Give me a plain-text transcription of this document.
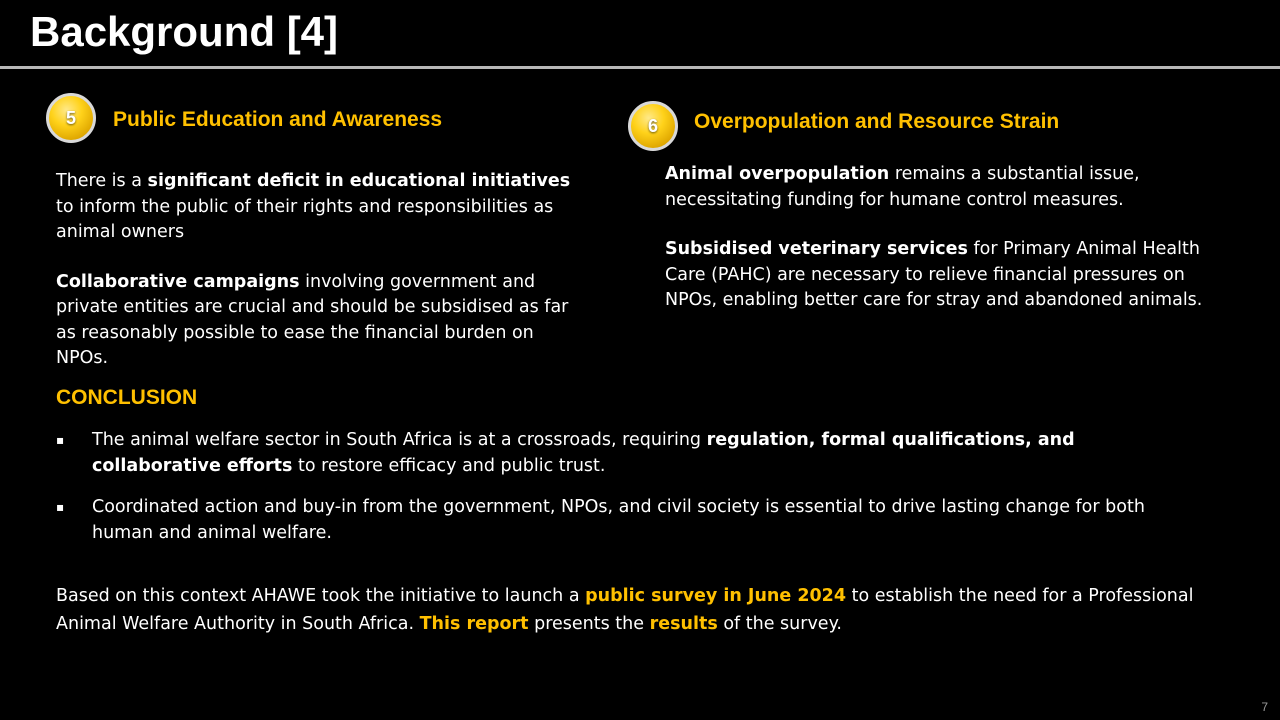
Background [4]
5	Public Education and Awareness

There is a significant deficit in educational initiatives to inform the public of their rights and responsibilities as animal owners

Collaborative campaigns involving government and private entities are crucial and should be subsidised as far as reasonably possible to ease the financial burden on NPOs.

6	Overpopulation and Resource Strain

Animal overpopulation remains a substantial issue, necessitating funding for humane control measures.

Subsidised veterinary services for Primary Animal Health Care (PAHC) are necessary to relieve financial pressures on NPOs, enabling better care for stray and abandoned animals.

CONCLUSION
▪ The animal welfare sector in South Africa is at a crossroads, requiring regulation, formal qualifications, and collaborative efforts to restore efficacy and public trust.
▪ Coordinated action and buy-in from the government, NPOs, and civil society is essential to drive lasting change for both human and animal welfare.
Based on this context AHAWE took the initiative to launch a public survey in June 2024 to establish the need for a Professional Animal Welfare Authority in South Africa. This report presents the results of the survey.
7
